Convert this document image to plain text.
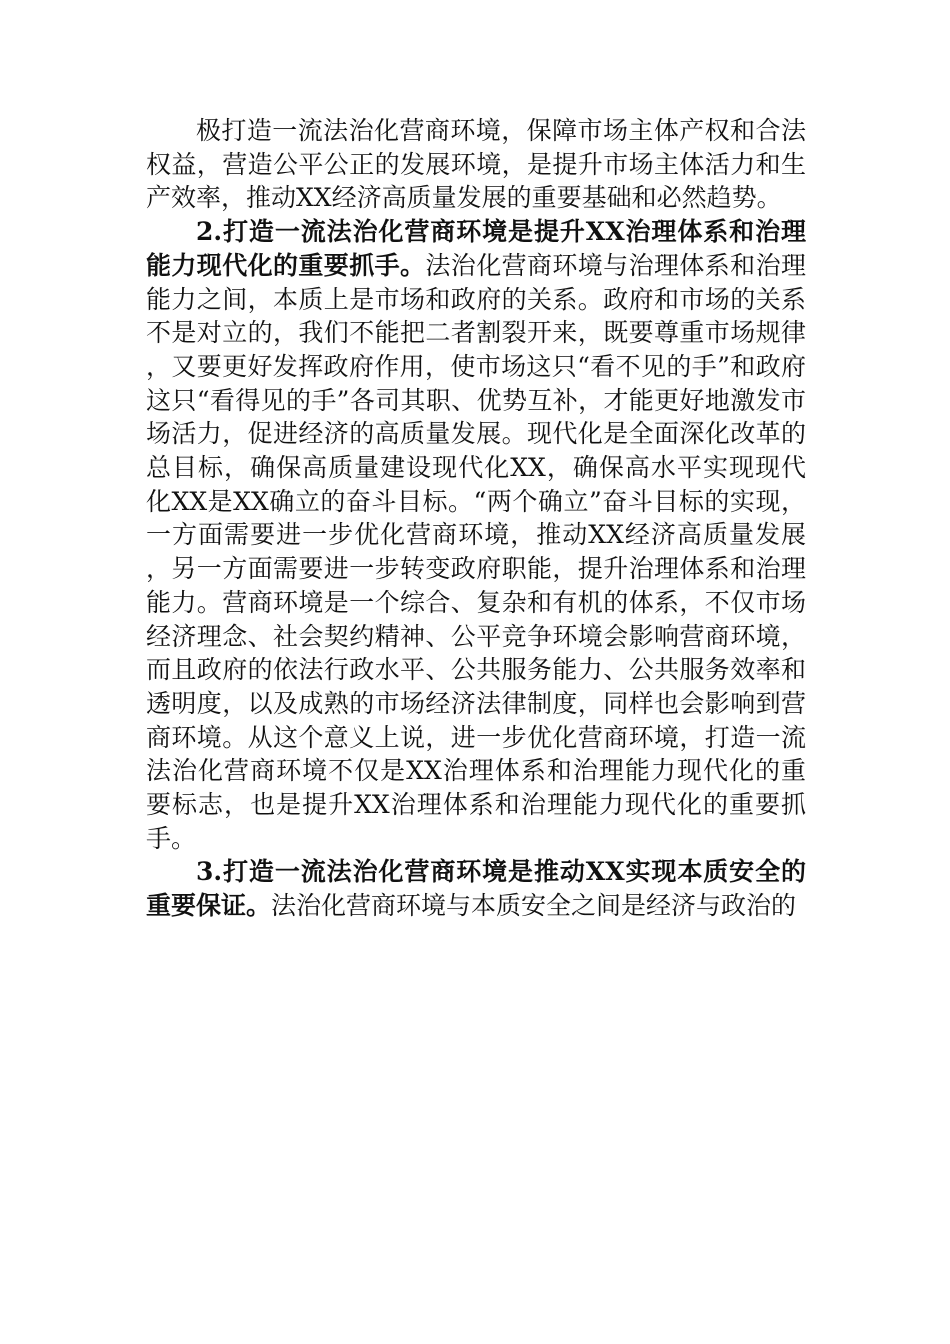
极打造一流法治化营商环境，保障市场主体产权和合法权益，营造公平公正的发展环境，是提升市场主体活力和生产效率，推动XX经济高质量发展的重要基础和必然趋势。

2.打造一流法治化营商环境是提升XX治理体系和治理能力现代化的重要抓手。法治化营商环境与治理体系和治理能力之间，本质上是市场和政府的关系。政府和市场的关系不是对立的，我们不能把二者割裂开来，既要尊重市场规律，又要更好发挥政府作用，使市场这只“看不见的手”和政府这只“看得见的手”各司其职、优势互补，才能更好地激发市场活力，促进经济的高质量发展。现代化是全面深化改革的总目标，确保高质量建设现代化XX，确保高水平实现现代化XX是XX确立的奋斗目标。“两个确立”奋斗目标的实现，一方面需要进一步优化营商环境，推动XX经济高质量发展，另一方面需要进一步转变政府职能，提升治理体系和治理能力。营商环境是一个综合、复杂和有机的体系，不仅市场经济理念、社会契约精神、公平竞争环境会影响营商环境，而且政府的依法行政水平、公共服务能力、公共服务效率和透明度，以及成熟的市场经济法律制度，同样也会影响到营商环境。从这个意义上说，进一步优化营商环境，打造一流法治化营商环境不仅是XX治理体系和治理能力现代化的重要标志，也是提升XX治理体系和治理能力现代化的重要抓手。

3.打造一流法治化营商环境是推动XX实现本质安全的重要保证。法治化营商环境与本质安全之间是经济与政治的
